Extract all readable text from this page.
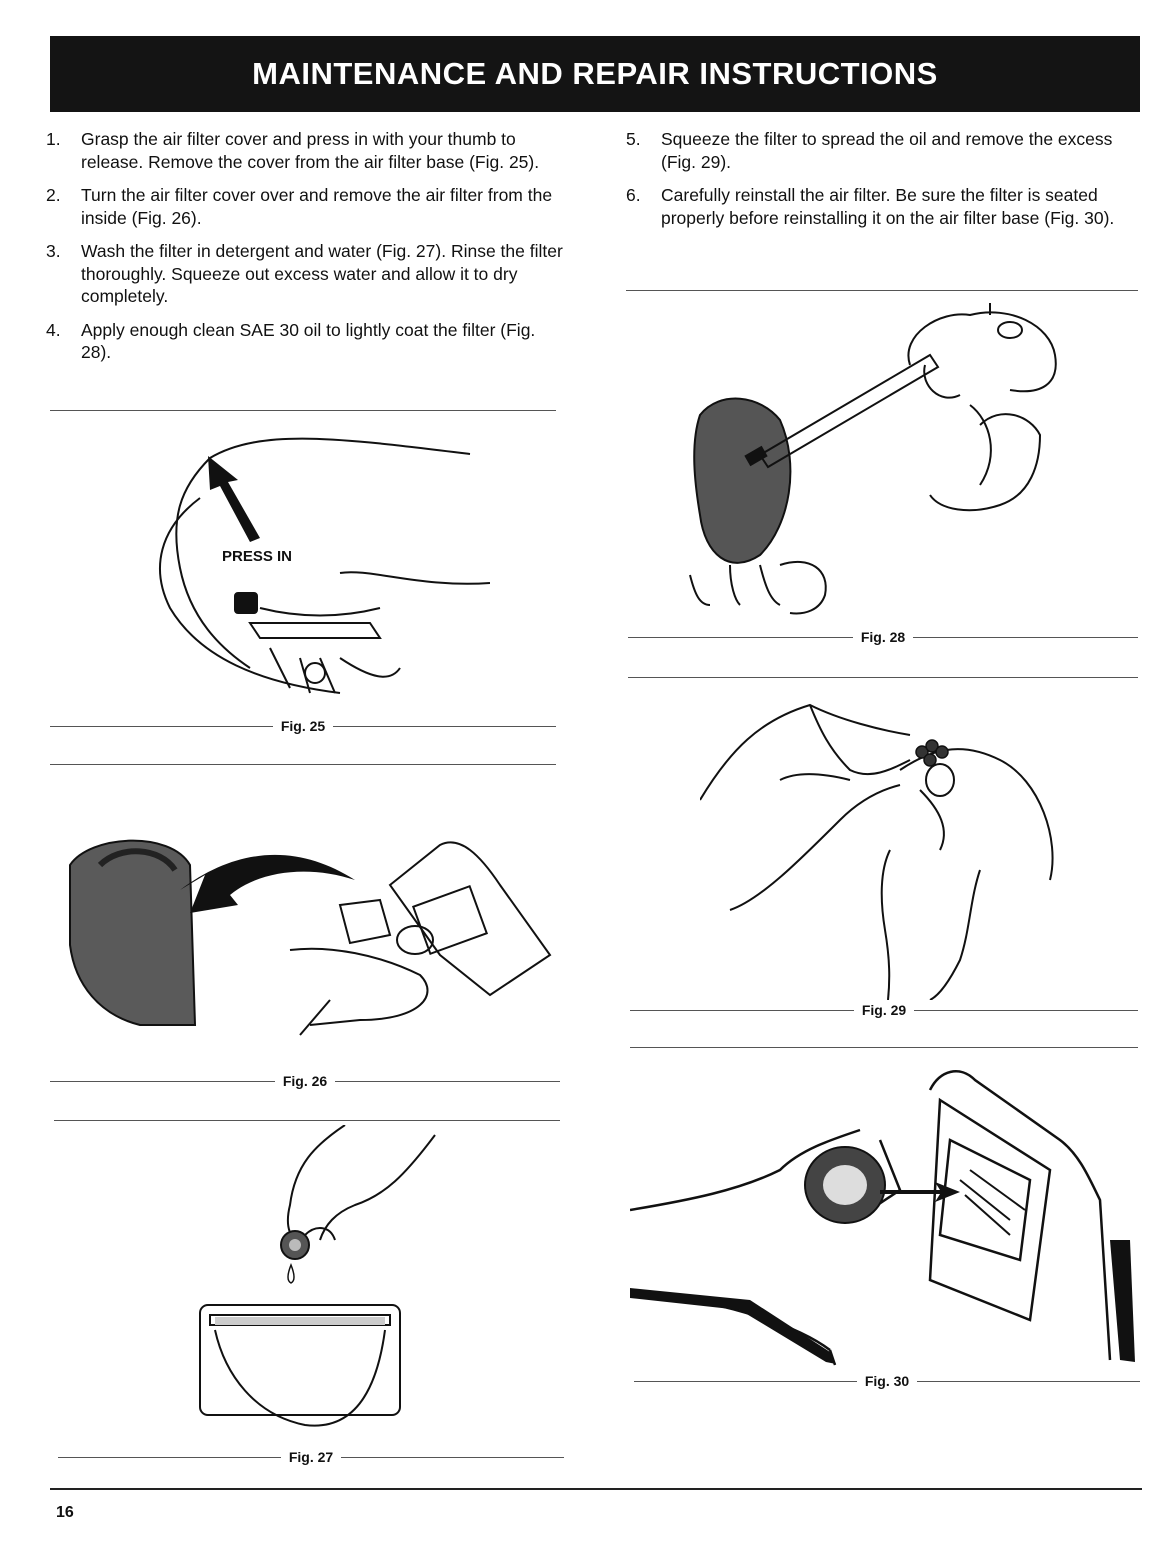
MAINTENANCE AND REPAIR INSTRUCTIONS
1.	Grasp the air filter cover and press in with your thumb to release. Remove the cover from the air filter base (Fig. 25).
2.	Turn the air filter cover over and remove the air filter from the inside (Fig. 26).
3.	Wash the filter in detergent and water (Fig. 27). Rinse the filter thoroughly. Squeeze out excess water and allow it to dry completely.
4.	Apply enough clean SAE 30 oil to lightly coat the filter (Fig. 28).
5.	Squeeze the filter to spread the oil and remove the excess (Fig. 29).
6.	Carefully reinstall the air filter. Be sure the filter is seated properly before reinstalling it on the air filter base (Fig. 30).
PRESS IN
Fig. 25
Fig. 26
Fig. 27
Fig. 28
Fig. 29
Fig. 30
16
